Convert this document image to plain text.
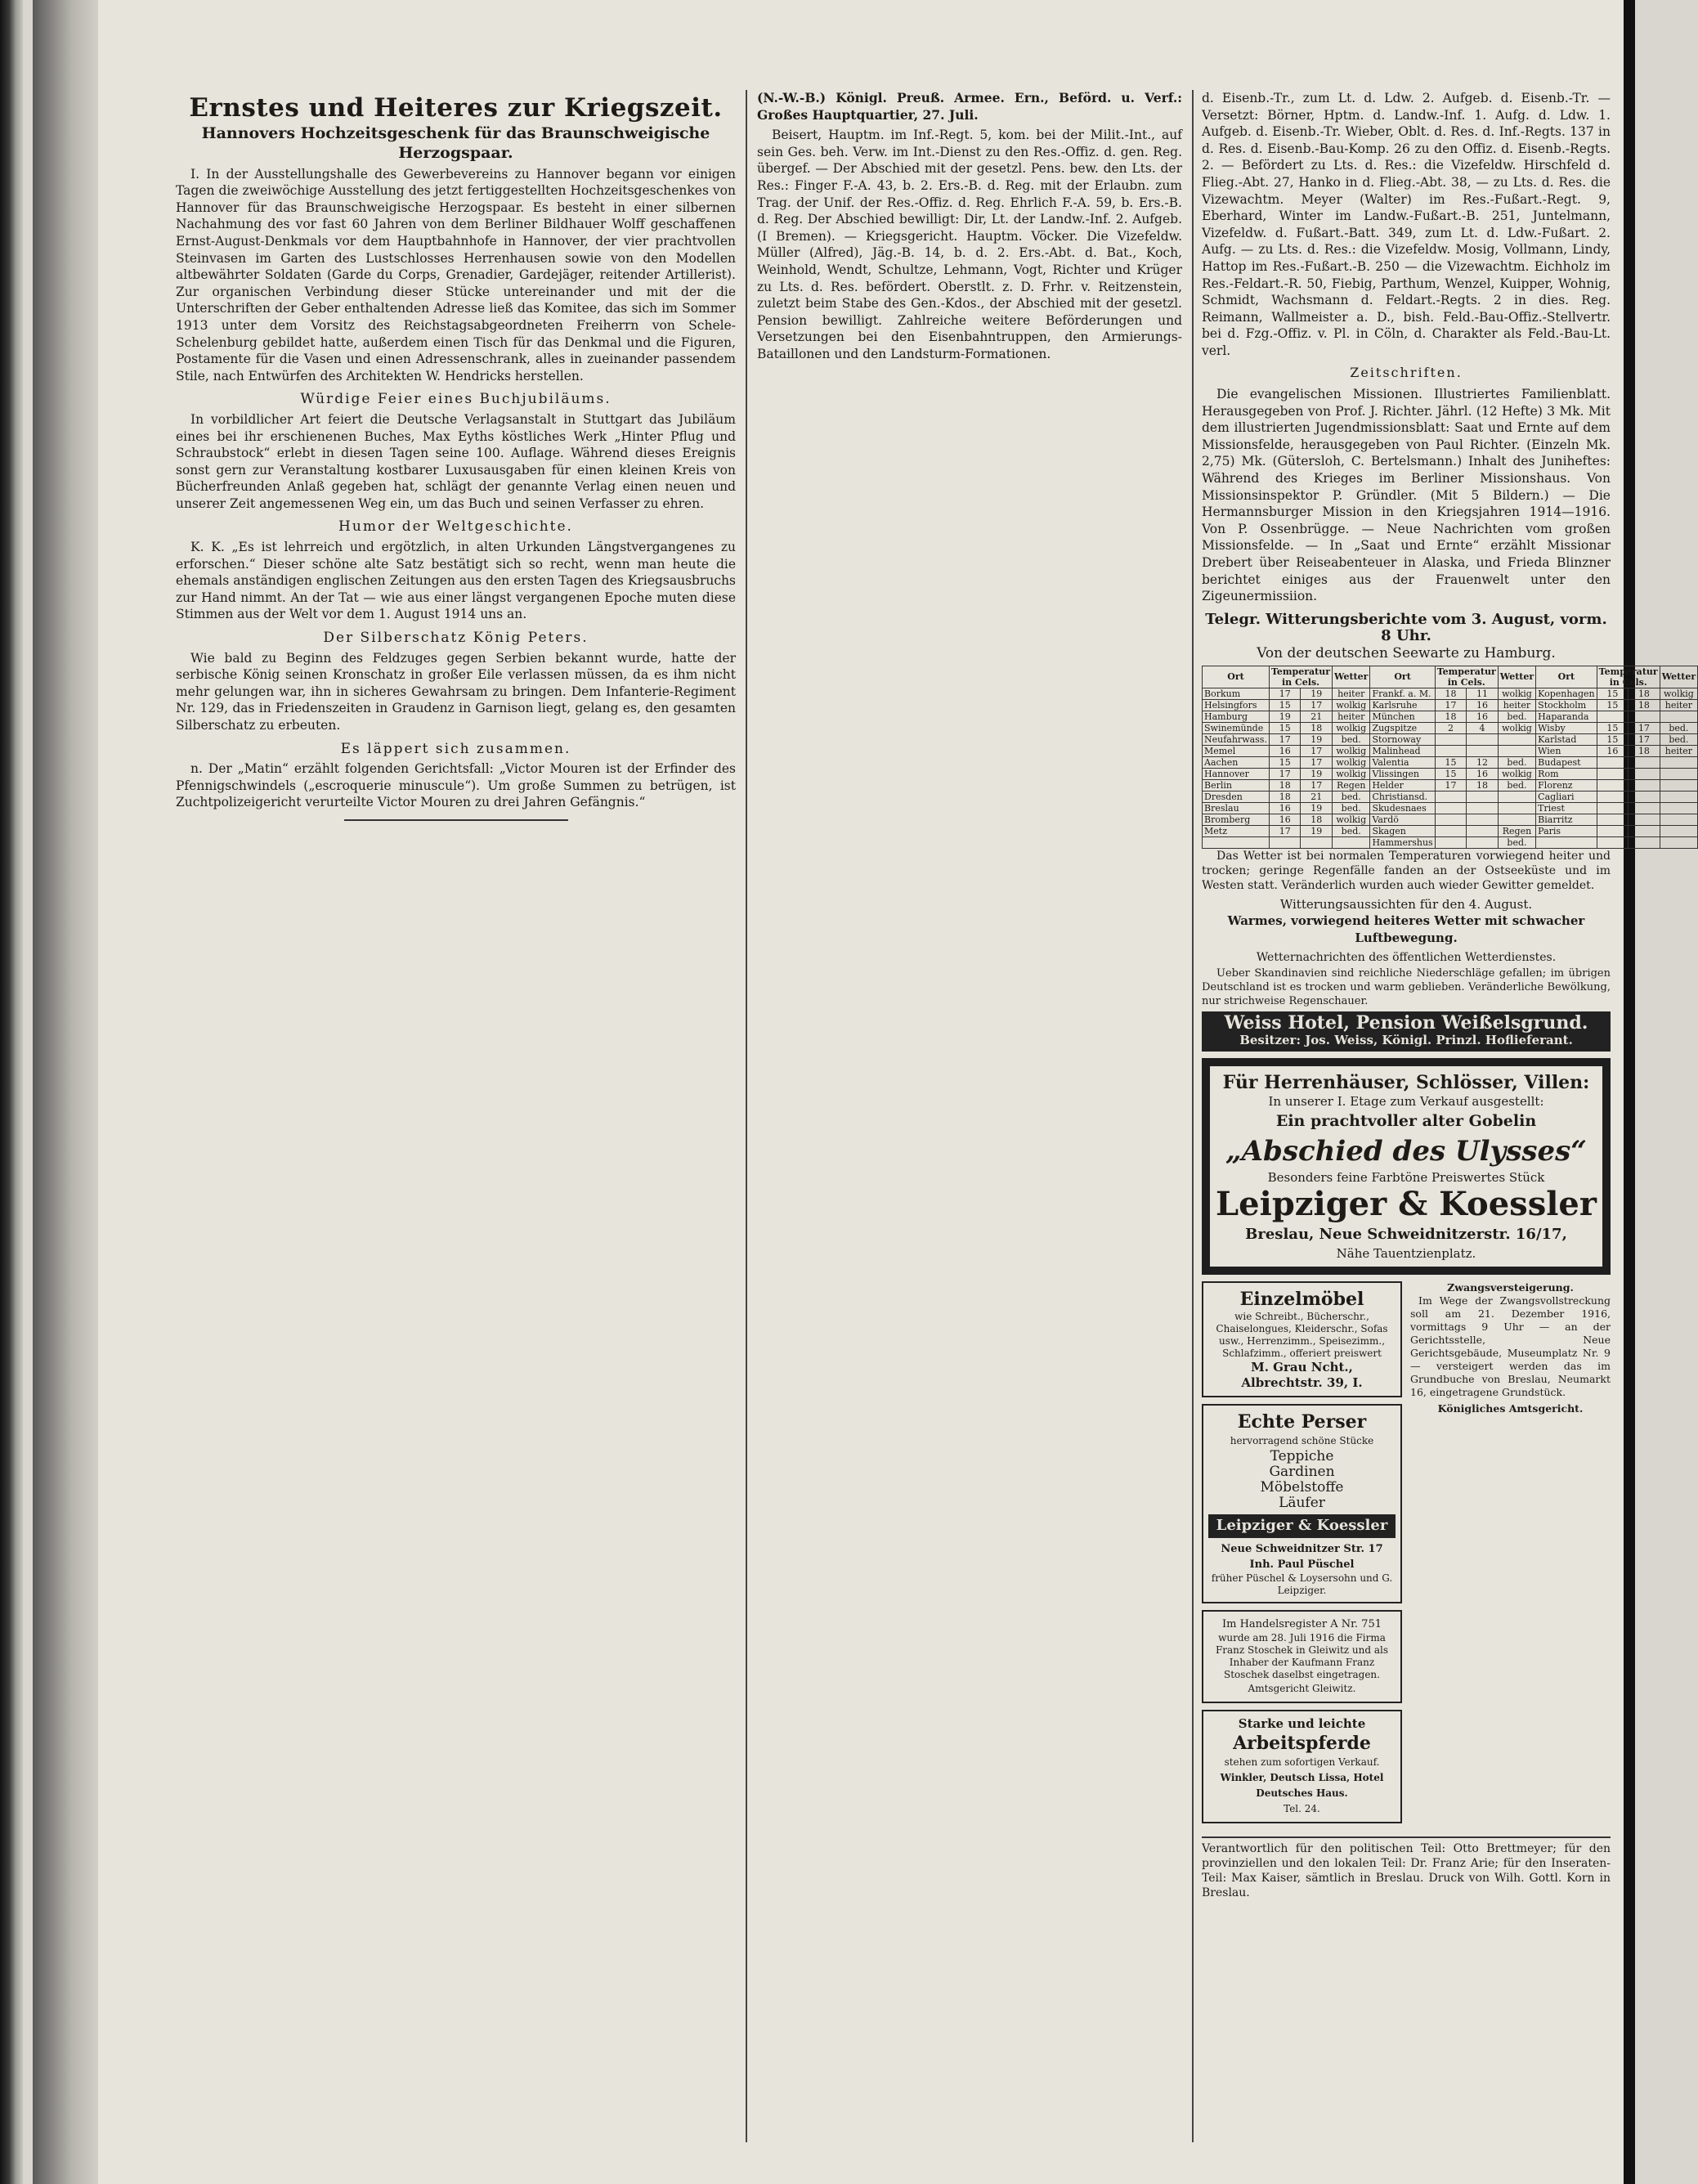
Ernstes und Heiteres zur Kriegszeit.
Hannovers Hochzeitsgeschenk für das Braunschweigische Herzogspaar.

I. In der Ausstellungshalle des Gewerbevereins zu Hannover begann vor einigen Tagen die zweiwöchige Ausstellung des jetzt fertiggestellten Hochzeitsgeschenkes von Hannover für das Braunschweigische Herzogspaar. Es besteht in einer silbernen Nachahmung des vor fast 60 Jahren von dem Berliner Bildhauer Wolff geschaffenen Ernst-August-Denkmals vor dem Hauptbahnhofe in Hannover, der vier prachtvollen Steinvasen im Garten des Lustschlosses Herrenhausen sowie von den Modellen altbewährter Soldaten (Garde du Corps, Grenadier, Gardejäger, reitender Artillerist). Zur organischen Verbindung dieser Stücke untereinander und mit der die Unterschriften der Geber enthaltenden Adresse ließ das Komitee, das sich im Sommer 1913 unter dem Vorsitz des Reichstagsabgeordneten Freiherrn von Schele-Schelenburg gebildet hatte, außerdem einen Tisch für das Denkmal und die Figuren, Postamente für die Vasen und einen Adressenschrank, alles in zueinander passendem Stile, nach Entwürfen des Architekten W. Hendricks herstellen.

Würdige Feier eines Buchjubiläums.

In vorbildlicher Art feiert die Deutsche Verlagsanstalt in Stuttgart das Jubiläum eines bei ihr erschienenen Buches, Max Eyths köstliches Werk „Hinter Pflug und Schraubstock“ erlebt in diesen Tagen seine 100. Auflage. Während dieses Ereignis sonst gern zur Veranstaltung kostbarer Luxusausgaben für einen kleinen Kreis von Bücherfreunden Anlaß gegeben hat, schlägt der genannte Verlag einen neuen und unserer Zeit angemessenen Weg ein, um das Buch und seinen Verfasser zu ehren.

Humor der Weltgeschichte.

K. K. „Es ist lehrreich und ergötzlich, in alten Urkunden Längstvergangenes zu erforschen.“ Dieser schöne alte Satz bestätigt sich so recht, wenn man heute die ehemals anständigen englischen Zeitungen aus den ersten Tagen des Kriegsausbruchs zur Hand nimmt. An der Tat — wie aus einer längst vergangenen Epoche muten diese Stimmen aus der Welt vor dem 1. August 1914 uns an.

Der Silberschatz König Peters.

Wie bald zu Beginn des Feldzuges gegen Serbien bekannt wurde, hatte der serbische König seinen Kronschatz in großer Eile verlassen müssen, da es ihm nicht mehr gelungen war, ihn in sicheres Gewahrsam zu bringen. Dem Infanterie-Regiment Nr. 129, das in Friedenszeiten in Graudenz in Garnison liegt, gelang es, den gesamten Silberschatz zu erbeuten.

Es läppert sich zusammen.

n. Der „Matin“ erzählt folgenden Gerichtsfall: „Victor Mouren ist der Erfinder des Pfennigschwindels („escroquerie minuscule“). Um große Summen zu betrügen, ist Zuchtpolizeigericht verurteilte Victor Mouren zu drei Jahren Gefängnis.“

(N.-W.-B.) Königl. Preuß. Armee. Ern., Beförd. u. Verf.: Großes Hauptquartier, 27. Juli.

Beisert, Hauptm. im Inf.-Regt. 5, kom. bei der Milit.-Int., auf sein Ges. beh. Verw. im Int.-Dienst zu den Res.-Offiz. d. gen. Reg. übergef. — Der Abschied mit der gesetzl. Pens. bew. den Lts. der Res.: Finger F.-A. 43, b. 2. Ers.-B. d. Reg. mit der Erlaubn. zum Trag. der Unif. der Res.-Offiz. d. Reg. Ehrlich F.-A. 59, b. Ers.-B. d. Reg. Der Abschied bewilligt: Dir, Lt. der Landw.-Inf. 2. Aufgeb. (I Bremen). — Kriegsgericht. Hauptm. Vöcker. Die Vizefeldw. Müller (Alfred), Jäg.-B. 14, b. d. 2. Ers.-Abt. d. Bat., Koch, Weinhold, Wendt, Schultze, Lehmann, Vogt, Richter und Krüger zu Lts. d. Res. befördert. Oberstlt. z. D. Frhr. v. Reitzenstein, zuletzt beim Stabe des Gen.-Kdos., der Abschied mit der gesetzl. Pension bewilligt. Zahlreiche weitere Beförderungen und Versetzungen bei den Eisenbahntruppen, den Armierungs-Bataillonen und den Landsturm-Formationen.

d. Eisenb.-Tr., zum Lt. d. Ldw. 2. Aufgeb. d. Eisenb.-Tr. — Versetzt: Börner, Hptm. d. Landw.-Inf. 1. Aufg. d. Ldw. 1. Aufgeb. d. Eisenb.-Tr. Wieber, Oblt. d. Res. d. Inf.-Regts. 137 in d. Res. d. Eisenb.-Bau-Komp. 26 zu den Offiz. d. Eisenb.-Regts. 2. — Befördert zu Lts. d. Res.: die Vizefeldw. Hirschfeld d. Flieg.-Abt. 27, Hanko in d. Flieg.-Abt. 38, — zu Lts. d. Res. die Vizewachtm. Meyer (Walter) im Res.-Fußart.-Regt. 9, Eberhard, Winter im Landw.-Fußart.-B. 251, Juntelmann, Vizefeldw. d. Fußart.-Batt. 349, zum Lt. d. Ldw.-Fußart. 2. Aufg. — zu Lts. d. Res.: die Vizefeldw. Mosig, Vollmann, Lindy, Hattop im Res.-Fußart.-B. 250 — die Vizewachtm. Eichholz im Res.-Feldart.-R. 50, Fiebig, Parthum, Wenzel, Kuipper, Wohnig, Schmidt, Wachsmann d. Feldart.-Regts. 2 in dies. Reg. Reimann, Wallmeister a. D., bish. Feld.-Bau-Offiz.-Stellvertr. bei d. Fzg.-Offiz. v. Pl. in Cöln, d. Charakter als Feld.-Bau-Lt. verl.

Zeitschriften.

Die evangelischen Missionen. Illustriertes Familienblatt. Herausgegeben von Prof. J. Richter. Jährl. (12 Hefte) 3 Mk. Mit dem illustrierten Jugendmissionsblatt: Saat und Ernte auf dem Missionsfelde, herausgegeben von Paul Richter. (Einzeln Mk. 2,75) Mk. (Gütersloh, C. Bertelsmann.) Inhalt des Juniheftes: Während des Krieges im Berliner Missionshaus. Von Missionsinspektor P. Gründler. (Mit 5 Bildern.) — Die Hermannsburger Mission in den Kriegsjahren 1914—1916. Von P. Ossenbrügge. — Neue Nachrichten vom großen Missionsfelde. — In „Saat und Ernte“ erzählt Missionar Drebert über Reiseabenteuer in Alaska, und Frieda Blinzner berichtet einiges aus der Frauenwelt unter den Zigeunermissiion.

Telegr. Witterungsberichte vom 3. August, vorm. 8 Uhr.
Von der deutschen Seewarte zu Hamburg.
Ort	Temperatur in Cels.		Wetter	Ort	Temperatur in Cels.		Wetter	Ort	Temperatur in Cels.		Wetter
Borkum	17	19	heiter	Frankf. a. M.	18	11	wolkig	Kopenhagen	15	18	wolkig
Helsingfors	15	17	wolkig	Karlsruhe	17	16	heiter	Stockholm	15	18	heiter
Hamburg	19	21	heiter	München	18	16	bed.	Haparanda			
Swinemünde	15	18	wolkig	Zugspitze	2	4	wolkig	Wisby	15	17	bed.
Neufahrwass.	17	19	bed.	Stornoway				Karlstad	15	17	bed.
Memel	16	17	wolkig	Malinhead				Wien	16	18	heiter
Aachen	15	17	wolkig	Valentia	15	12	bed.	Budapest			
Hannover	17	19	wolkig	Vlissingen	15	16	wolkig	Rom			
Berlin	18	17	Regen	Helder	17	18	bed.	Florenz			
Dresden	18	21	bed.	Christiansd.				Cagliari			
Breslau	16	19	bed.	Skudesnaes				Triest			
Bromberg	16	18	wolkig	Vardö				Biarritz			
Metz	17	19	bed.	Skagen			Regen	Paris			
				Hammershus			bed.				

Das Wetter ist bei normalen Temperaturen vorwiegend heiter und trocken; geringe Regenfälle fanden an der Ostseeküste und im Westen statt. Veränderlich wurden auch wieder Gewitter gemeldet.

Witterungsaussichten für den 4. August.
Warmes, vorwiegend heiteres Wetter mit schwacher Luftbewegung.
Wetternachrichten des öffentlichen Wetterdienstes.

Ueber Skandinavien sind reichliche Niederschläge gefallen; im übrigen Deutschland ist es trocken und warm geblieben. Veränderliche Bewölkung, nur strichweise Regenschauer.

Weiss Hotel, Pension Weißelsgrund.
Besitzer: Jos. Weiss, Königl. Prinzl. Hoflieferant.
Für Herrenhäuser, Schlösser, Villen:
In unserer I. Etage zum Verkauf ausgestellt:
Ein prachtvoller alter Gobelin
„Abschied des Ulysses“
Besonders feine Farbtöne Preiswertes Stück
Leipziger & Koessler
Breslau, Neue Schweidnitzerstr. 16/17,
Nähe Tauentzienplatz.
Einzelmöbel
wie Schreibt., Bücherschr., Chaiselongues, Kleiderschr., Sofas usw., Herrenzimm., Speisezimm., Schlafzimm., offeriert preiswert
M. Grau Ncht., Albrechtstr. 39, I.
Echte Perser
hervorragend schöne Stücke
Teppiche
Gardinen
Möbelstoffe
Läufer
Leipziger & Koessler
Neue Schweidnitzer Str. 17
Inh. Paul Püschel
früher Püschel & Loysersohn und G. Leipziger.
Im Handelsregister A Nr. 751
wurde am 28. Juli 1916 die Firma Franz Stoschek in Gleiwitz und als Inhaber der Kaufmann Franz Stoschek daselbst eingetragen.
Amtsgericht Gleiwitz.
Starke und leichte
Arbeitspferde
stehen zum sofortigen Verkauf.
Winkler, Deutsch Lissa, Hotel Deutsches Haus.
Tel. 24.
Zwangsversteigerung.

Im Wege der Zwangsvollstreckung soll am 21. Dezember 1916, vormittags 9 Uhr — an der Gerichtsstelle, Neue Gerichtsgebäude, Museumplatz Nr. 9 — versteigert werden das im Grundbuche von Breslau, Neumarkt 16, eingetragene Grundstück.

Königliches Amtsgericht.
Verantwortlich für den politischen Teil: Otto Brettmeyer; für den provinziellen und den lokalen Teil: Dr. Franz Arie; für den Inseraten-Teil: Max Kaiser, sämtlich in Breslau. Druck von Wilh. Gottl. Korn in Breslau.
